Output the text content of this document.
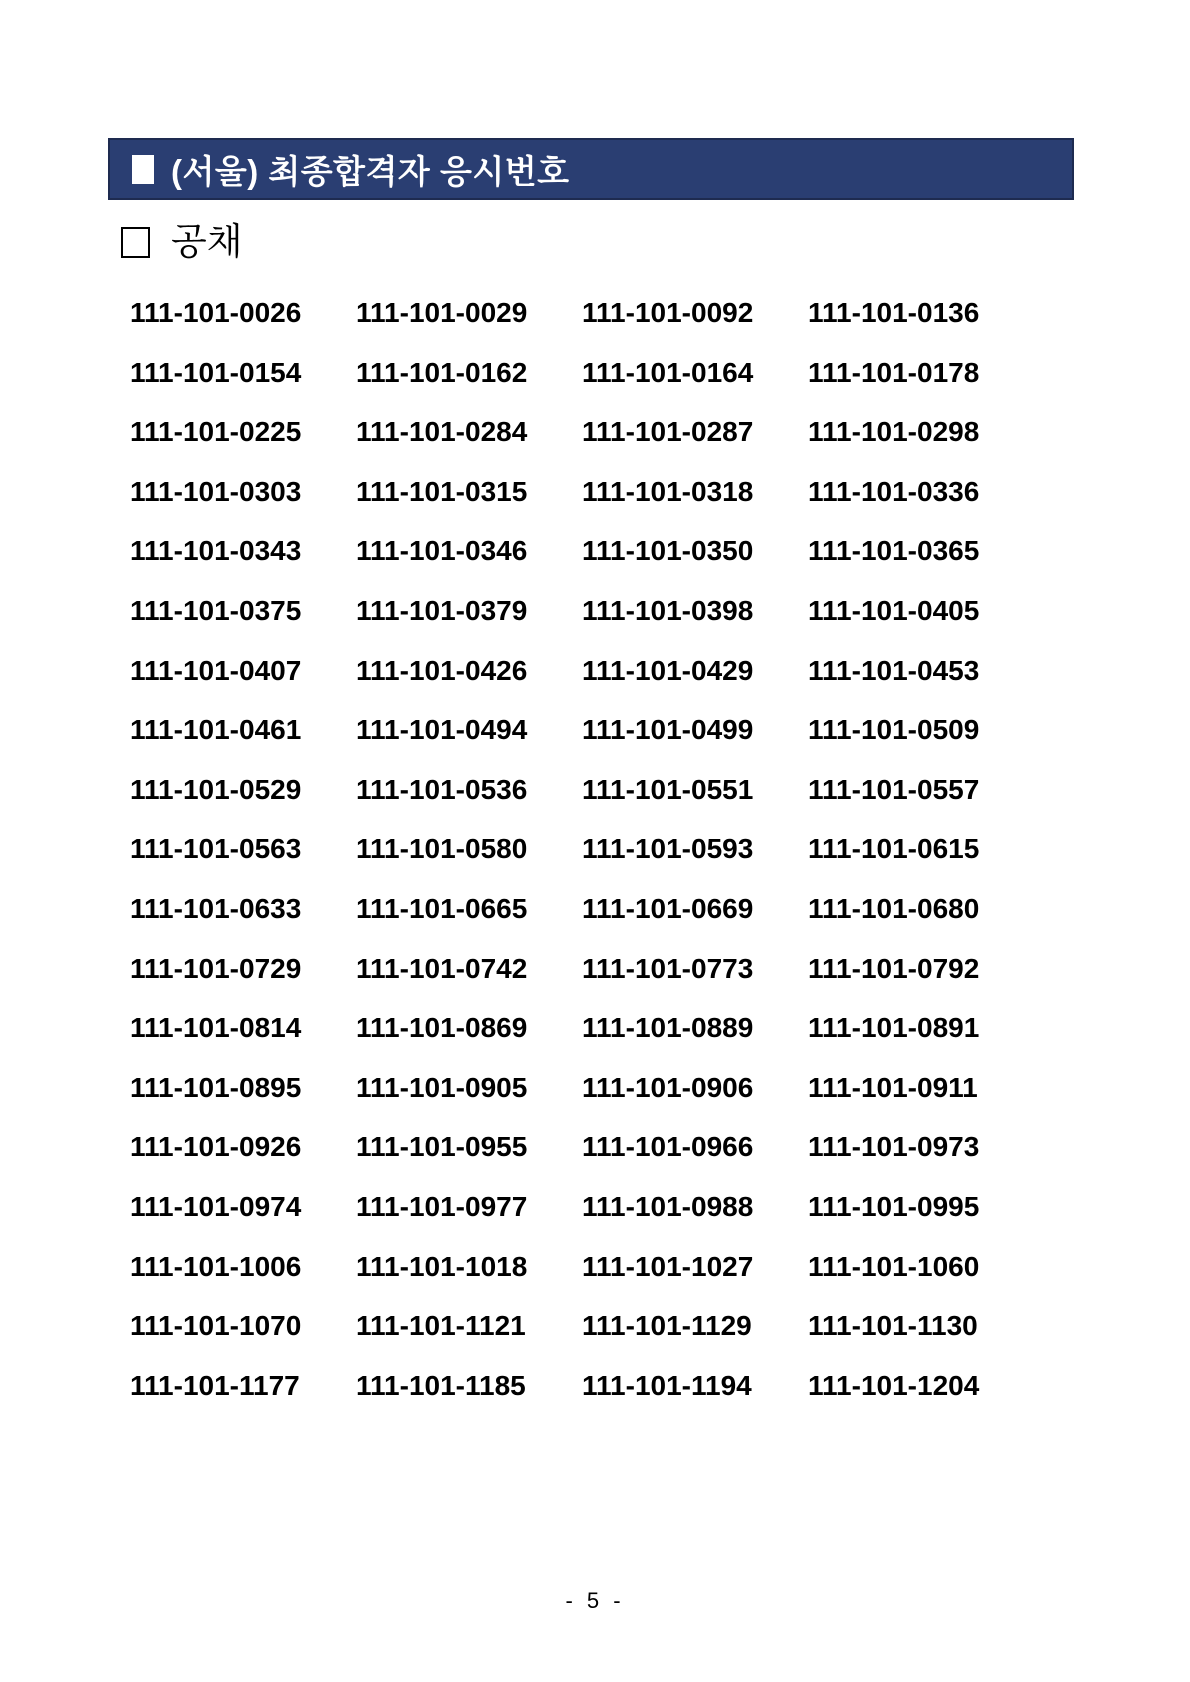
(서울) 최종합격자 응시번호
공채
111-101-0026	111-101-0029	111-101-0092	111-101-0136
111-101-0154	111-101-0162	111-101-0164	111-101-0178
111-101-0225	111-101-0284	111-101-0287	111-101-0298
111-101-0303	111-101-0315	111-101-0318	111-101-0336
111-101-0343	111-101-0346	111-101-0350	111-101-0365
111-101-0375	111-101-0379	111-101-0398	111-101-0405
111-101-0407	111-101-0426	111-101-0429	111-101-0453
111-101-0461	111-101-0494	111-101-0499	111-101-0509
111-101-0529	111-101-0536	111-101-0551	111-101-0557
111-101-0563	111-101-0580	111-101-0593	111-101-0615
111-101-0633	111-101-0665	111-101-0669	111-101-0680
111-101-0729	111-101-0742	111-101-0773	111-101-0792
111-101-0814	111-101-0869	111-101-0889	111-101-0891
111-101-0895	111-101-0905	111-101-0906	111-101-0911
111-101-0926	111-101-0955	111-101-0966	111-101-0973
111-101-0974	111-101-0977	111-101-0988	111-101-0995
111-101-1006	111-101-1018	111-101-1027	111-101-1060
111-101-1070	111-101-1121	111-101-1129	111-101-1130
111-101-1177	111-101-1185	111-101-1194	111-101-1204
- 5 -
